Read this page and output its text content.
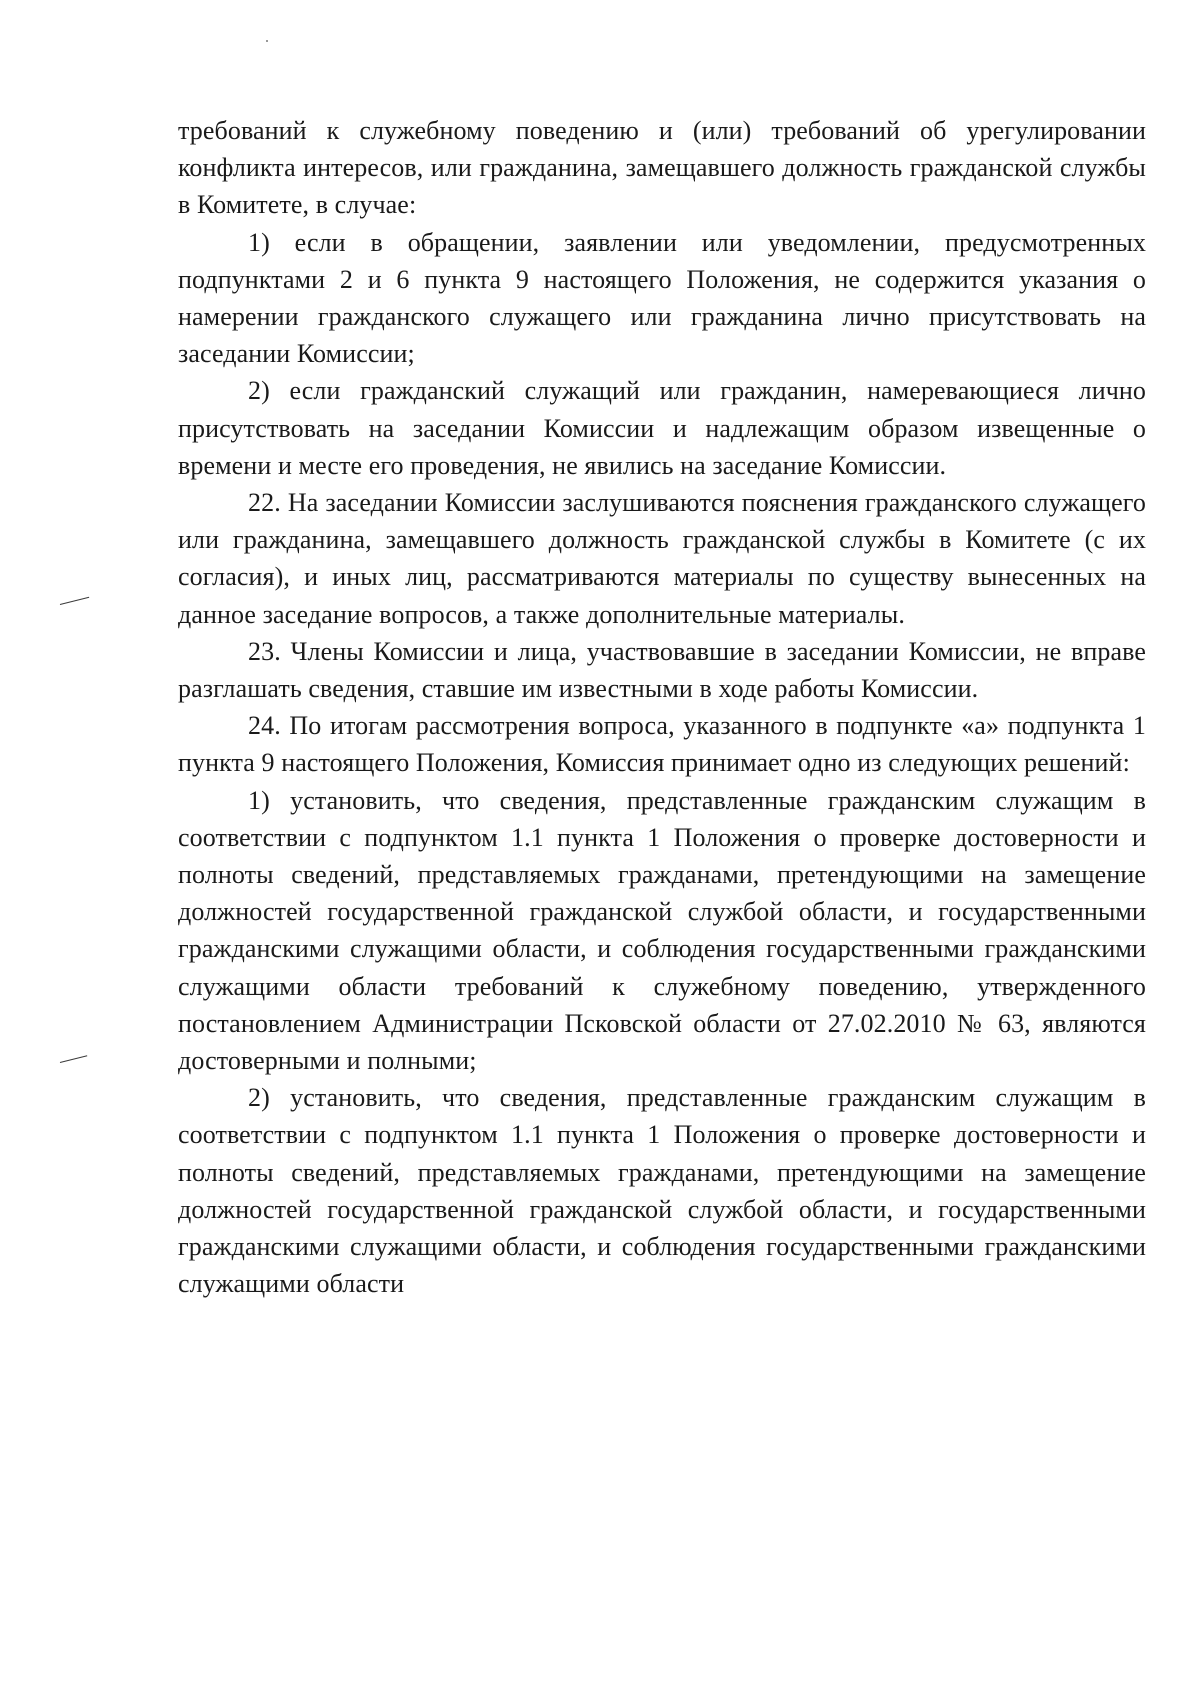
требований к служебному поведению и (или) требований об урегулировании конфликта интересов, или гражданина, замещавшего должность гражданской службы в Комитете, в случае:

1) если в обращении, заявлении или уведомлении, предусмотренных подпунктами 2 и 6 пункта 9 настоящего Положения, не содержится указания о намерении гражданского служащего или гражданина лично присутствовать на заседании Комиссии;

2) если гражданский служащий или гражданин, намеревающиеся лично присутствовать на заседании Комиссии и надлежащим образом извещенные о времени и месте его проведения, не явились на заседание Комиссии.

22. На заседании Комиссии заслушиваются пояснения гражданского служащего или гражданина, замещавшего должность гражданской службы в Комитете (с их согласия), и иных лиц, рассматриваются материалы по существу вынесенных на данное заседание вопросов, а также дополнительные материалы.

23. Члены Комиссии и лица, участвовавшие в заседании Комиссии, не вправе разглашать сведения, ставшие им известными в ходе работы Комиссии.

24. По итогам рассмотрения вопроса, указанного в подпункте «а» подпункта 1 пункта 9 настоящего Положения, Комиссия принимает одно из следующих решений:

1) установить, что сведения, представленные гражданским служащим в соответствии с подпунктом 1.1 пункта 1 Положения о проверке достоверности и полноты сведений, представляемых гражданами, претендующими на замещение должностей государственной гражданской службой области, и государственными гражданскими служащими области, и соблюдения государственными гражданскими служащими области требований к служебному поведению, утвержденного постановлением Администрации Псковской области от 27.02.2010 № 63, являются достоверными и полными;

2) установить, что сведения, представленные гражданским служащим в соответствии с подпунктом 1.1 пункта 1 Положения о проверке достоверности и полноты сведений, представляемых гражданами, претендующими на замещение должностей государственной гражданской службой области, и государственными гражданскими служащими области, и соблюдения государственными гражданскими служащими области
